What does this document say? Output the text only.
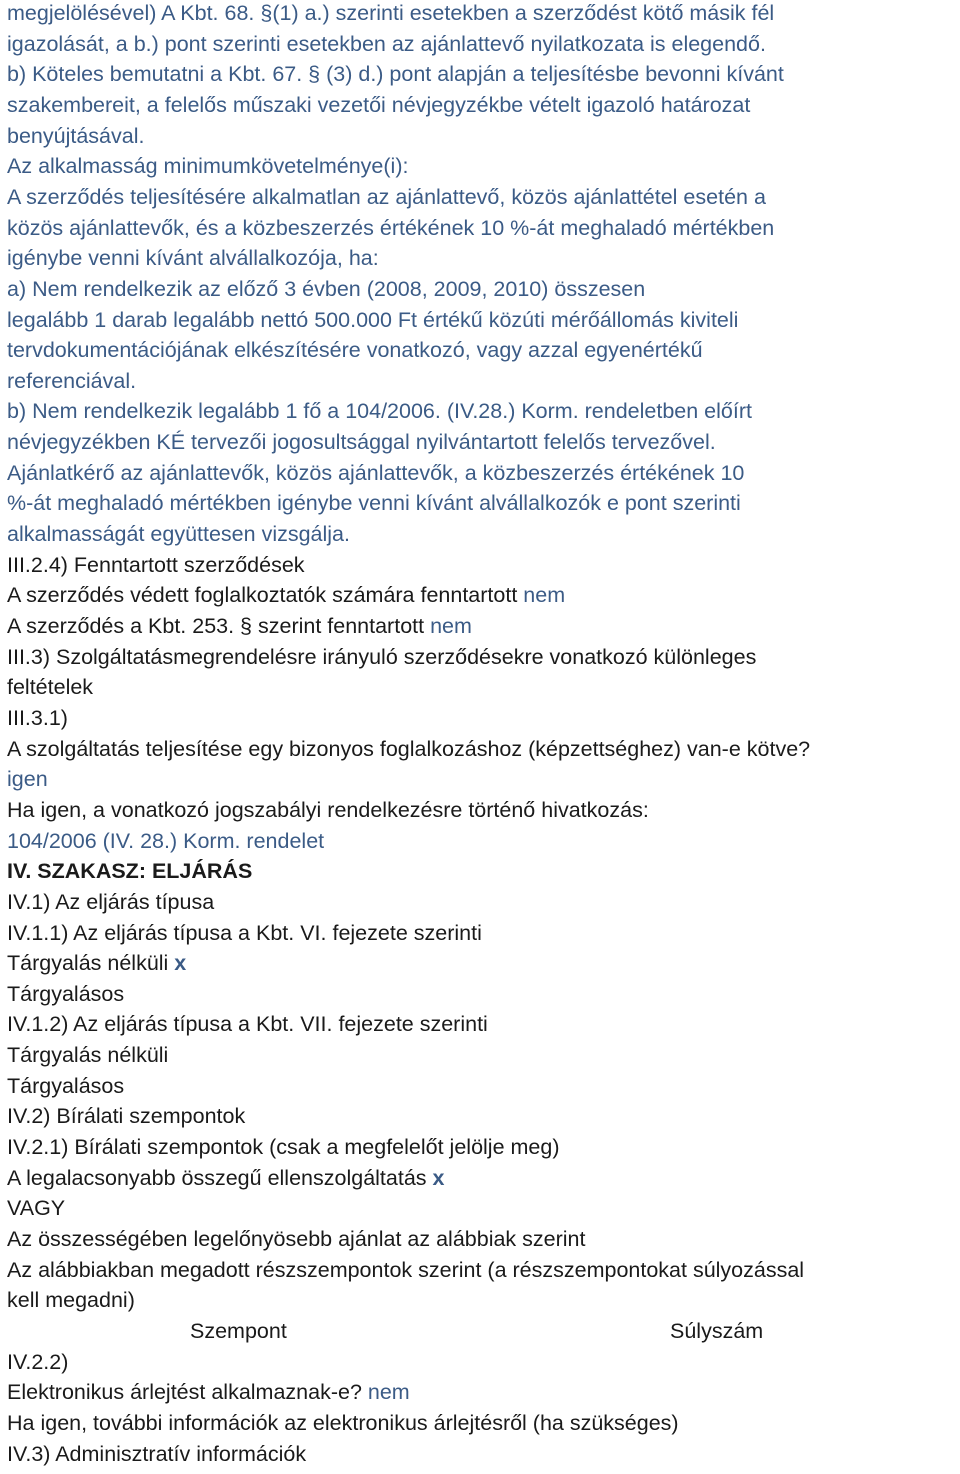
megjelölésével) A Kbt. 68. §(1) a.) szerinti esetekben a szerződést kötő másik fél
igazolását, a b.) pont szerinti esetekben az ajánlattevő nyilatkozata is elegendő.
b) Köteles bemutatni a Kbt. 67. § (3) d.) pont alapján a teljesítésbe bevonni kívánt
szakembereit, a felelős műszaki vezetői névjegyzékbe vételt igazoló határozat
benyújtásával.
Az alkalmasság minimumkövetelménye(i):
A szerződés teljesítésére alkalmatlan az ajánlattevő, közös ajánlattétel esetén a
közös ajánlattevők, és a közbeszerzés értékének 10 %-át meghaladó mértékben
igénybe venni kívánt alvállalkozója, ha:
a) Nem rendelkezik az előző 3 évben (2008, 2009, 2010) összesen
legalább 1 darab legalább nettó 500.000 Ft értékű közúti mérőállomás kiviteli
tervdokumentációjának elkészítésére vonatkozó, vagy azzal egyenértékű
referenciával.
b) Nem rendelkezik legalább 1 fő a 104/2006. (IV.28.) Korm. rendeletben előírt
névjegyzékben KÉ tervezői jogosultsággal nyilvántartott felelős tervezővel.
Ajánlatkérő az ajánlattevők, közös ajánlattevők, a közbeszerzés értékének 10
%-át meghaladó mértékben igénybe venni kívánt alvállalkozók e pont szerinti
alkalmasságát együttesen vizsgálja.
III.2.4) Fenntartott szerződések
A szerződés védett foglalkoztatók számára fenntartott nem
A szerződés a Kbt. 253. § szerint fenntartott nem
III.3) Szolgáltatásmegrendelésre irányuló szerződésekre vonatkozó különleges
feltételek
III.3.1)
A szolgáltatás teljesítése egy bizonyos foglalkozáshoz (képzettséghez) van-e kötve?
igen
Ha igen, a vonatkozó jogszabályi rendelkezésre történő hivatkozás:
104/2006 (IV. 28.) Korm. rendelet
IV. SZAKASZ: ELJÁRÁS
IV.1) Az eljárás típusa
IV.1.1) Az eljárás típusa a Kbt. VI. fejezete szerinti
Tárgyalás nélküli x
Tárgyalásos
IV.1.2) Az eljárás típusa a Kbt. VII. fejezete szerinti
Tárgyalás nélküli
Tárgyalásos
IV.2) Bírálati szempontok
IV.2.1) Bírálati szempontok (csak a megfelelőt jelölje meg)
A legalacsonyabb összegű ellenszolgáltatás x
VAGY
Az összességében legelőnyösebb ajánlat az alábbiak szerint
Az alábbiakban megadott részszempontok szerint (a részszempontokat súlyozással
kell megadni)
Szempont	Súlyszám
IV.2.2)
Elektronikus árlejtést alkalmaznak-e? nem
Ha igen, további információk az elektronikus árlejtésről (ha szükséges)
IV.3) Adminisztratív információk
